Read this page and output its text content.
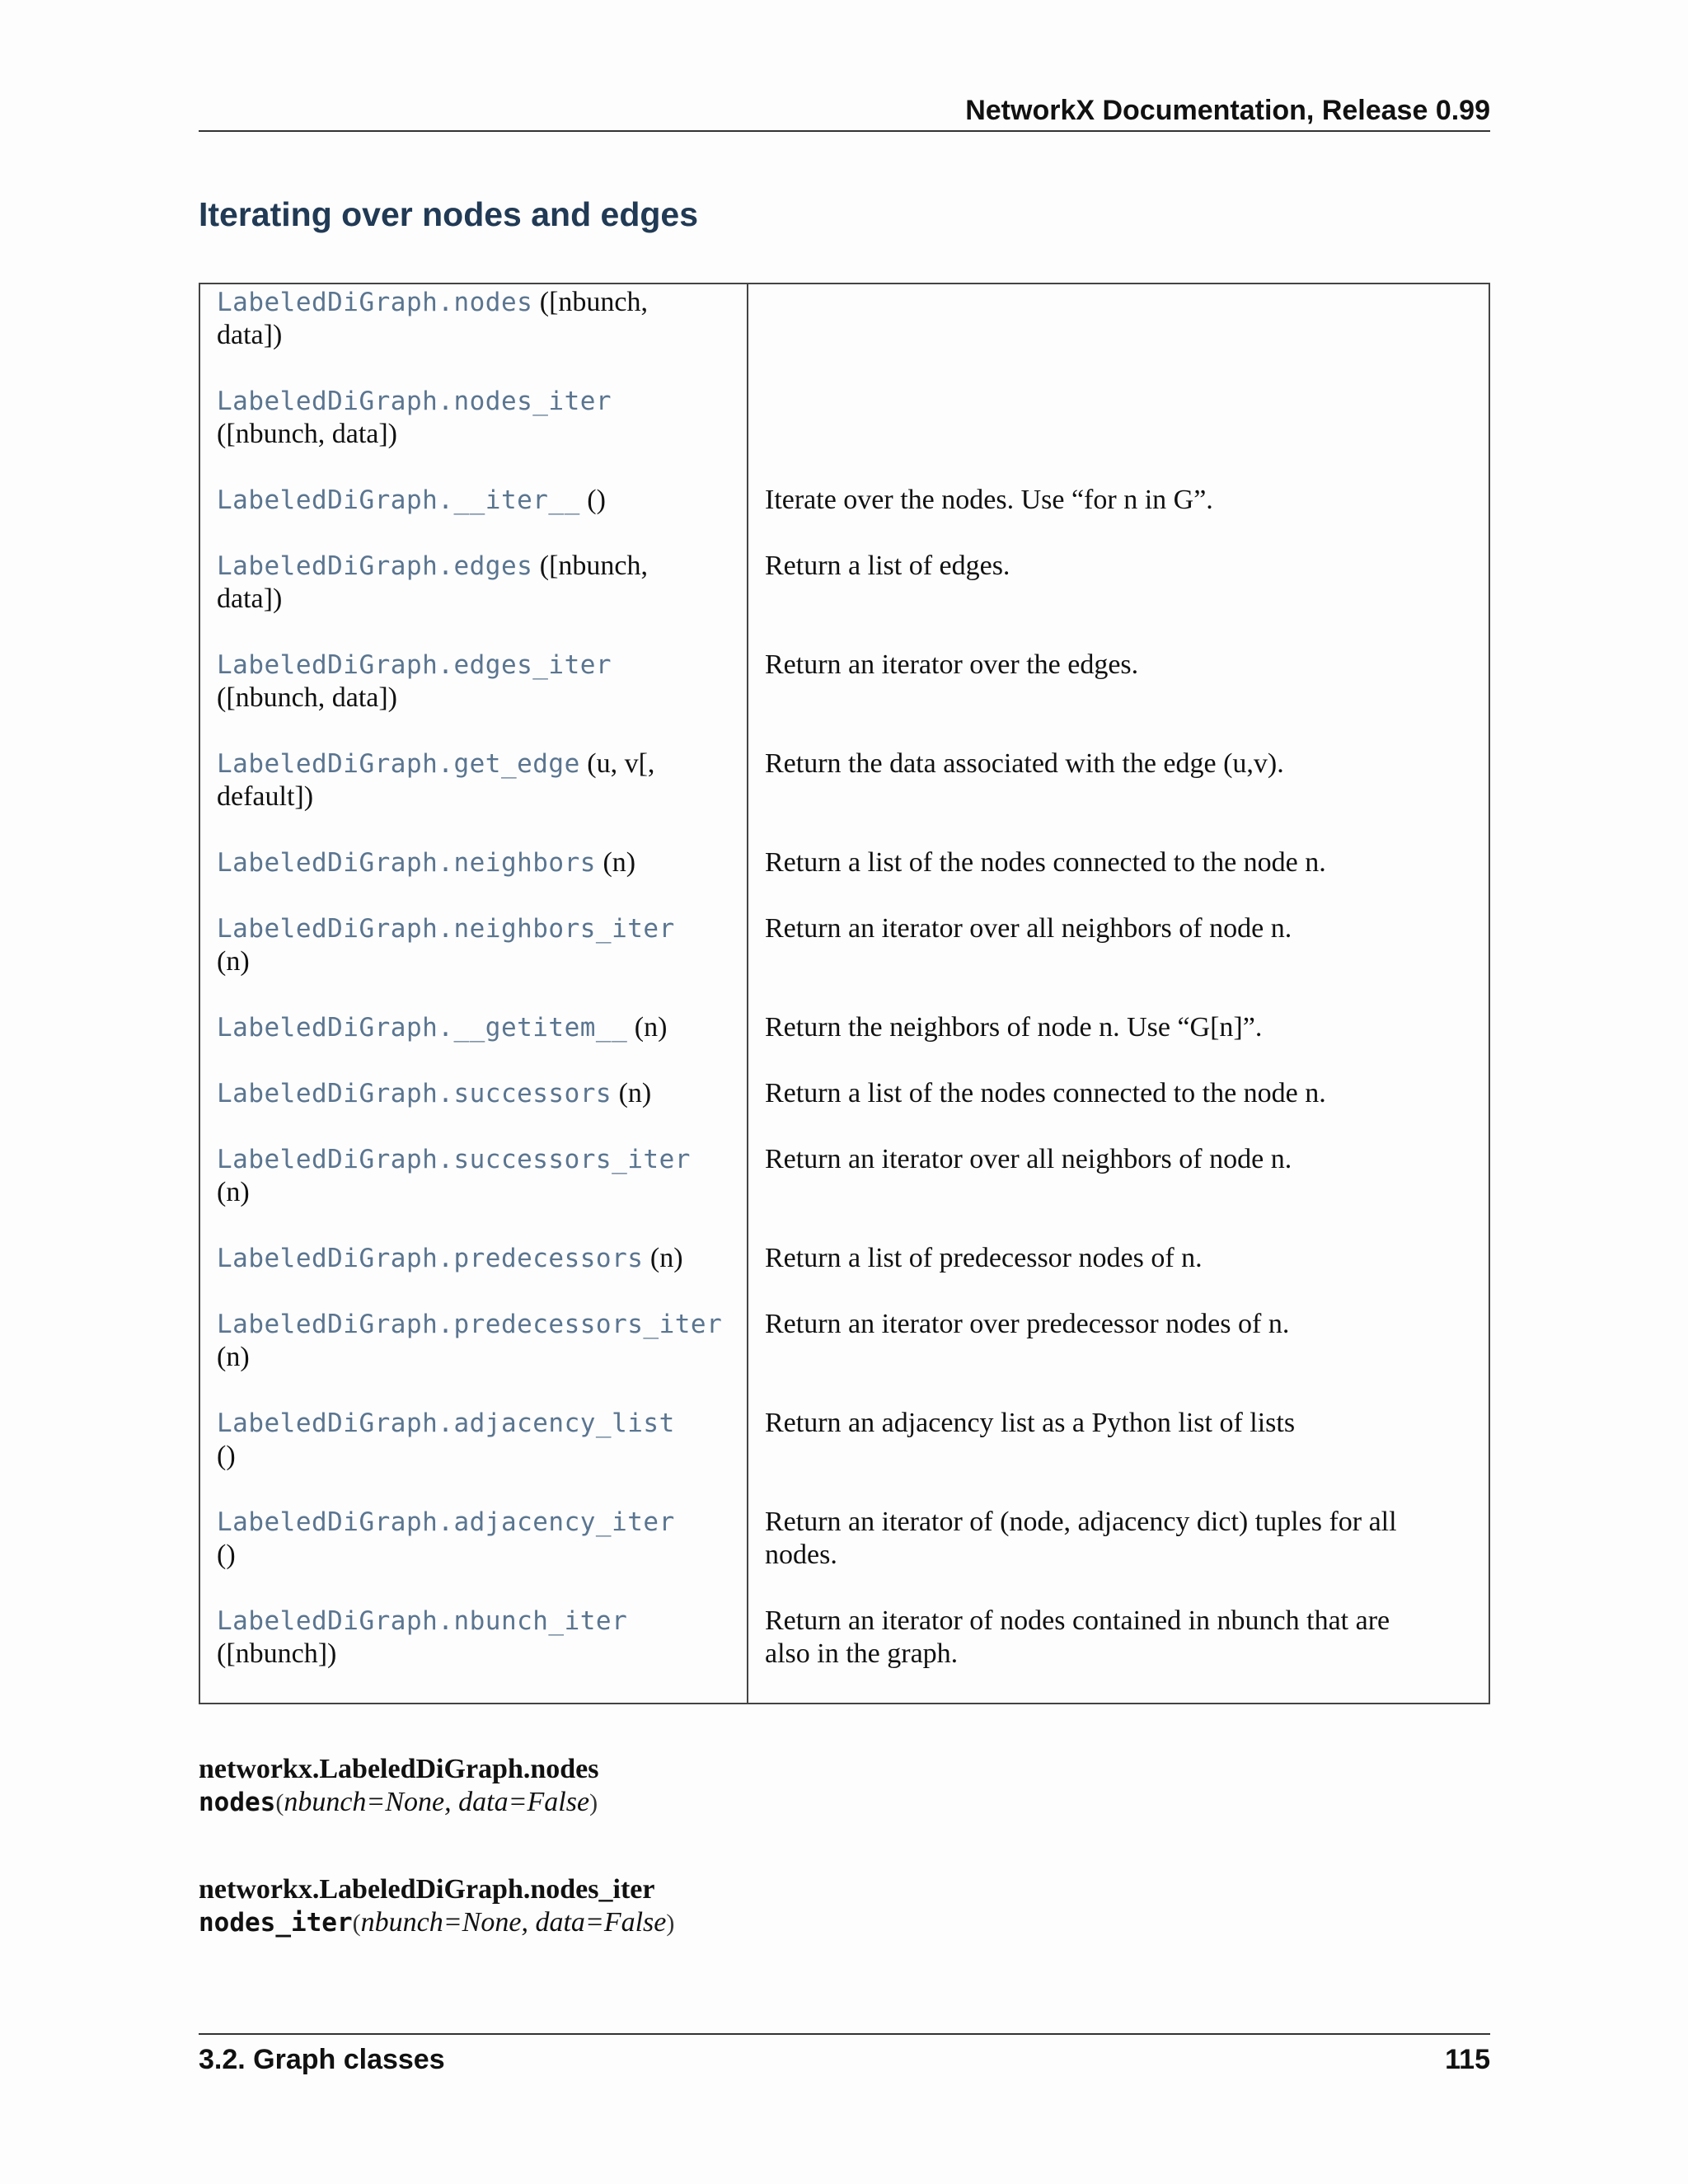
NetworkX Documentation, Release 0.99
Iterating over nodes and edges
LabeledDiGraph.nodes ([nbunch,
data])	
LabeledDiGraph.nodes_iter
([nbunch, data])	
LabeledDiGraph.__iter__ ()	Iterate over the nodes. Use “for n in G”.
LabeledDiGraph.edges ([nbunch,
data])	Return a list of edges.
LabeledDiGraph.edges_iter
([nbunch, data])	Return an iterator over the edges.
LabeledDiGraph.get_edge (u, v[,
default])	Return the data associated with the edge (u,v).
LabeledDiGraph.neighbors (n)	Return a list of the nodes connected to the node n.
LabeledDiGraph.neighbors_iter
(n)	Return an iterator over all neighbors of node n.
LabeledDiGraph.__getitem__ (n)	Return the neighbors of node n. Use “G[n]”.
LabeledDiGraph.successors (n)	Return a list of the nodes connected to the node n.
LabeledDiGraph.successors_iter
(n)	Return an iterator over all neighbors of node n.
LabeledDiGraph.predecessors (n)	Return a list of predecessor nodes of n.
LabeledDiGraph.predecessors_iter
(n)	Return an iterator over predecessor nodes of n.
LabeledDiGraph.adjacency_list
()	Return an adjacency list as a Python list of lists
LabeledDiGraph.adjacency_iter
()	Return an iterator of (node, adjacency dict) tuples for all
nodes.
LabeledDiGraph.nbunch_iter
([nbunch])	Return an iterator of nodes contained in nbunch that are
also in the graph.
networkx.LabeledDiGraph.nodes
nodes(nbunch=None, data=False)
networkx.LabeledDiGraph.nodes_iter
nodes_iter(nbunch=None, data=False)
3.2. Graph classes	115
